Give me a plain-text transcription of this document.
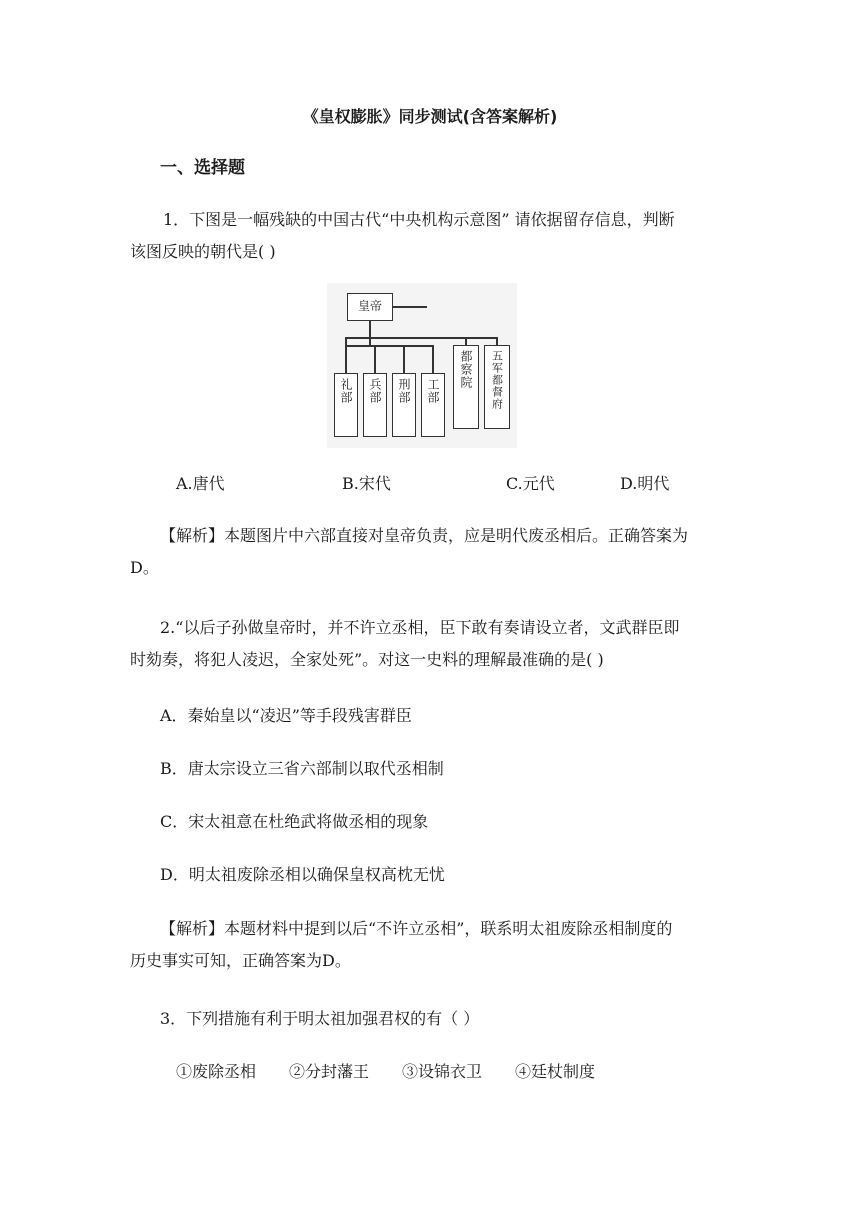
《皇权膨胀》同步测试(含答案解析)
一、选择题
1．下图是一幅残缺的中国古代“中央机构示意图” 请依据留存信息，判断
该图反映的朝代是( )
皇帝
礼部 兵部 刑部 工部
都察院 五军都督府
A.唐代	B.宋代	C.元代	D.明代
【解析】本题图片中六部直接对皇帝负责，应是明代废丞相后。正确答案为
D。
2.“以后子孙做皇帝时，并不许立丞相，臣下敢有奏请设立者，文武群臣即
时劾奏，将犯人凌迟，全家处死”。对这一史料的理解最准确的是( )
A．秦始皇以“凌迟”等手段残害群臣
B．唐太宗设立三省六部制以取代丞相制
C．宋太祖意在杜绝武将做丞相的现象
D．明太祖废除丞相以确保皇权高枕无忧
【解析】本题材料中提到以后“不许立丞相”，联系明太祖废除丞相制度的
历史事实可知，正确答案为D。
3．下列措施有利于明太祖加强君权的有（ ）
①废除丞相 ②分封藩王 ③设锦衣卫 ④廷杖制度
